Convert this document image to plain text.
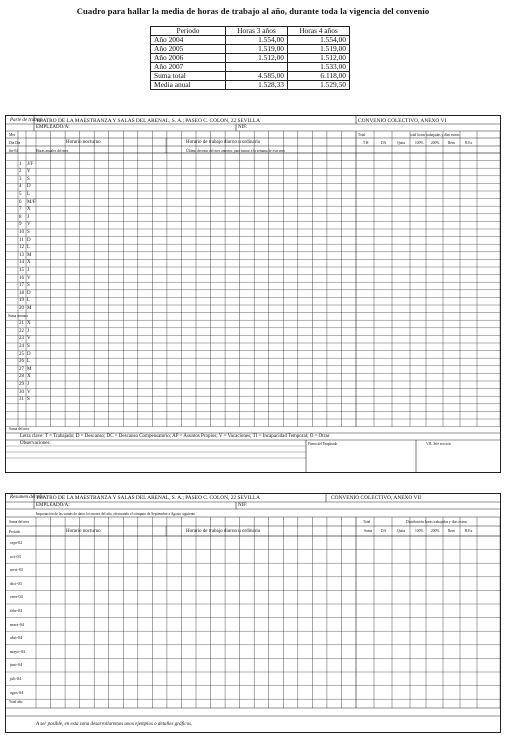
Cuadro para hallar la media de horas de trabajo al año, durante toda la vigencia del convenio
Periodo	Horas 3 años	Horas 4 años
Año 2004	1.554,00	1.554,00
Año 2005	1.519,00	1.519,00
Año 2006	1.512,00	1.512,00
Año 2007		1.533,00
Suma total	4.585,00	6.118,00
Media anual	1.528,33	1.529,50
Parte de trabajo
TEATRO DE LA MAESTRANZA Y SALAS DEL ARENAL, S. A.; PASEO C. COLON, 22 SEVILLA	CONVENIO COLECTIVO, ANEXO VI
EMPLEADO/A:	NIF:
Total	total horas trabajadas y días extras
Mes
Día Día	Horario nocturno	Horario de trabajo diurno u ordinario
fin-04	Horas anuales del mes	Último decenio del mes anterior, para sumar a la semana de este mes
T.H	DA	Quita	100% 200% Rem	R.Ex
1 J/F
2 V
3 S
4 D
5 L
6 M/F
7 X
8 J
9 V
10 S
11 D
12 L
13 M
14 X
15 J
16 V
17 S
18 D
19 L
20 M
Suma semana
21 X
22 J
23 V
24 S
25 D
26 L
27 M
28 X
29 J
30 V
31 S
Suma del mes
Letra clave: T = Trabajado; D = Descanso; DC = Descanso Compensatorio; AP = Asuntos Propios; V = Vacaciones; TI = Incapacidad Temporal; O = Otras
Observaciones:	Firma del Empleado	V.B. Jefe sección
Resumen del año
TEATRO DE LA MAESTRANZA Y SALAS DEL ARENAL, S. A.; PASEO C. COLON, 22 SEVILLA	CONVENIO COLECTIVO, ANEXO VII
EMPLEADO/A:	NIF:
Importación de las sumas de datos los meses del año, efectuando el cómputo de Septiembre a Agosto siguiente
Suma del mes	Total	Distribución horas trabajadas y días extras
Periodo	Horario nocturno	Horario de trabajo diurno u ordinario	Suma DA	Quita	100% 200% Rem	R.Ex
sept-02
oct-03
novi-03
dici-03
ener-04
febr-04
marz-04
abri-04
mayo-04
juni-04
juli-04
agos-04
Total año
A ser posible, en esta zona desarrollaremos unos ejemplos o detalles gráficos.
